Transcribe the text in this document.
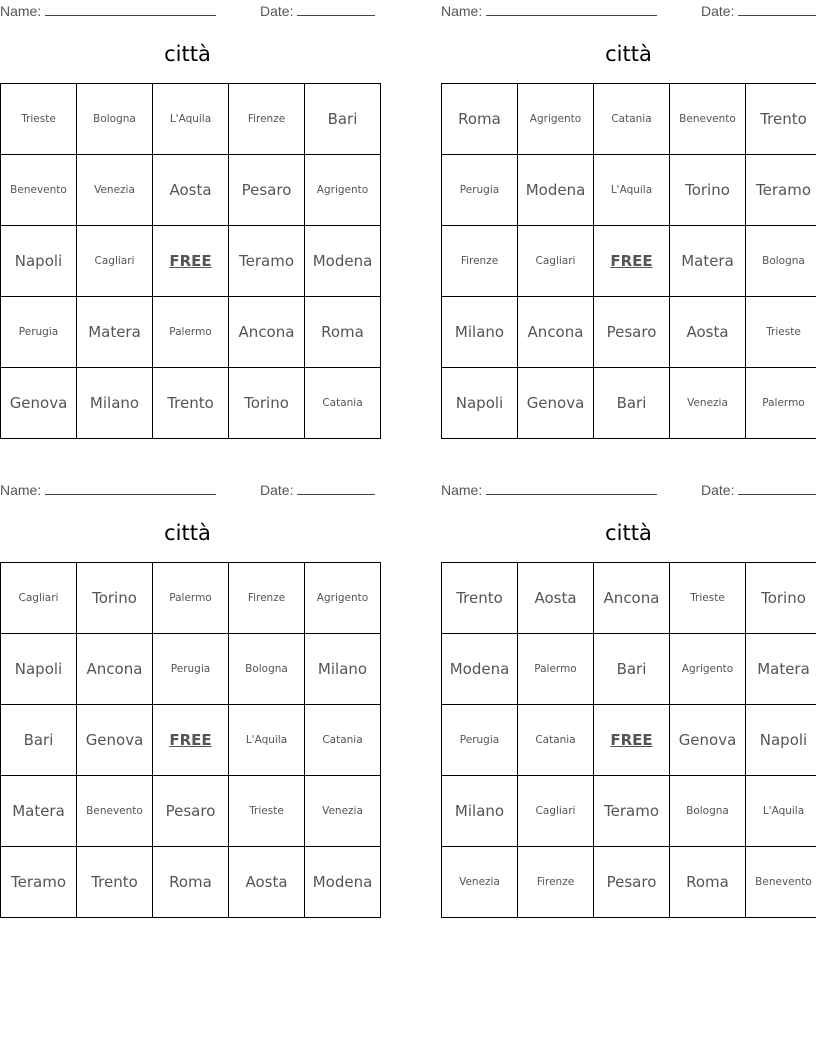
Name:	Date:
città
Trieste	Bologna	L'Aquila	Firenze	Bari
Benevento	Venezia	Aosta	Pesaro	Agrigento
Napoli	Cagliari	FREE	Teramo	Modena
Perugia	Matera	Palermo	Ancona	Roma
Genova	Milano	Trento	Torino	Catania
Name:	Date:
città
Roma	Agrigento	Catania	Benevento	Trento
Perugia	Modena	L'Aquila	Torino	Teramo
Firenze	Cagliari	FREE	Matera	Bologna
Milano	Ancona	Pesaro	Aosta	Trieste
Napoli	Genova	Bari	Venezia	Palermo
Name:	Date:
città
Cagliari	Torino	Palermo	Firenze	Agrigento
Napoli	Ancona	Perugia	Bologna	Milano
Bari	Genova	FREE	L'Aquila	Catania
Matera	Benevento	Pesaro	Trieste	Venezia
Teramo	Trento	Roma	Aosta	Modena
Name:	Date:
città
Trento	Aosta	Ancona	Trieste	Torino
Modena	Palermo	Bari	Agrigento	Matera
Perugia	Catania	FREE	Genova	Napoli
Milano	Cagliari	Teramo	Bologna	L'Aquila
Venezia	Firenze	Pesaro	Roma	Benevento
